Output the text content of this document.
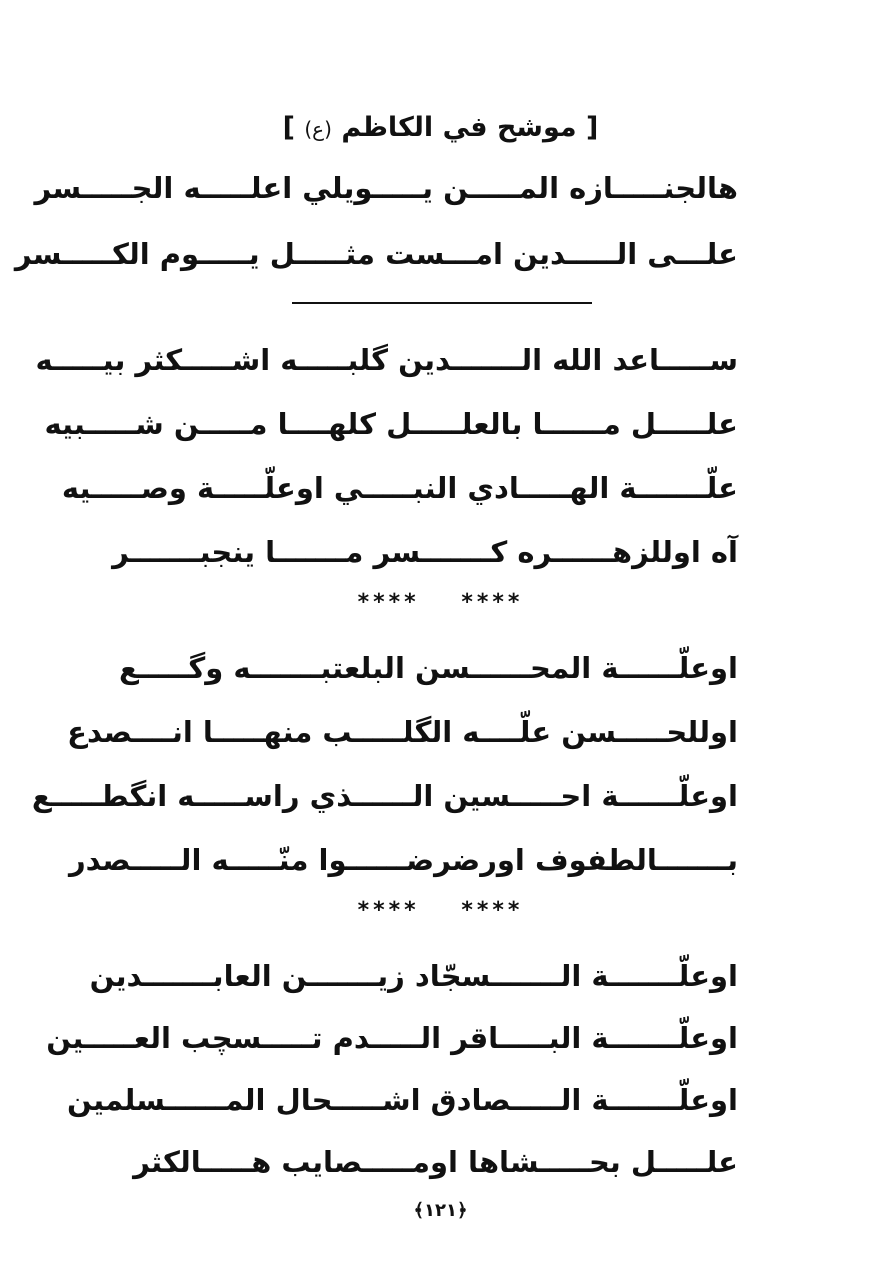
[ موشح في الكاظم (ع) ]
هالجنـــــازه المـــــن يـــــويلي اعلـــــه الجـــــسر
علـــى الـــــدين امـــست مثـــــل يـــــوم الكـــــسر
ســـــاعد الله الـــــــدين گلبـــــه اشـــــكثر بيـــــه
علـــــل مــــــا بالعلـــــل كلهــــا مـــــن شـــــبيه
علّـــــــة الهـــــادي النبـــــي اوعلّـــــة وصـــــيه
آه اوللزهــــــره كـــــــسر مـــــــا ينجبـــــــر
**** ****
اوعلّــــــة المحــــــسن البلعتبـــــــه وگـــــع
اوللحـــــسن علّــــه الگلـــــب منهـــــا انــــصدع
اوعلّــــــة احـــــسين الــــــذي راســـــه انگطـــــع
بـــــــالطفوف اورضرضــــــوا منّـــــه الـــــصدر
**** ****
اوعلّـــــــة الـــــــسجّاد زيـــــــن العابـــــــدين
اوعلّـــــــة البـــــاقر الـــــدم تـــــسچب العـــــين
اوعلّـــــــة الـــــصادق اشـــــحال المــــــسلمين
علـــــل بحـــــشاها اومـــــصايب هـــــالكثر
﴿١٢١﴾
